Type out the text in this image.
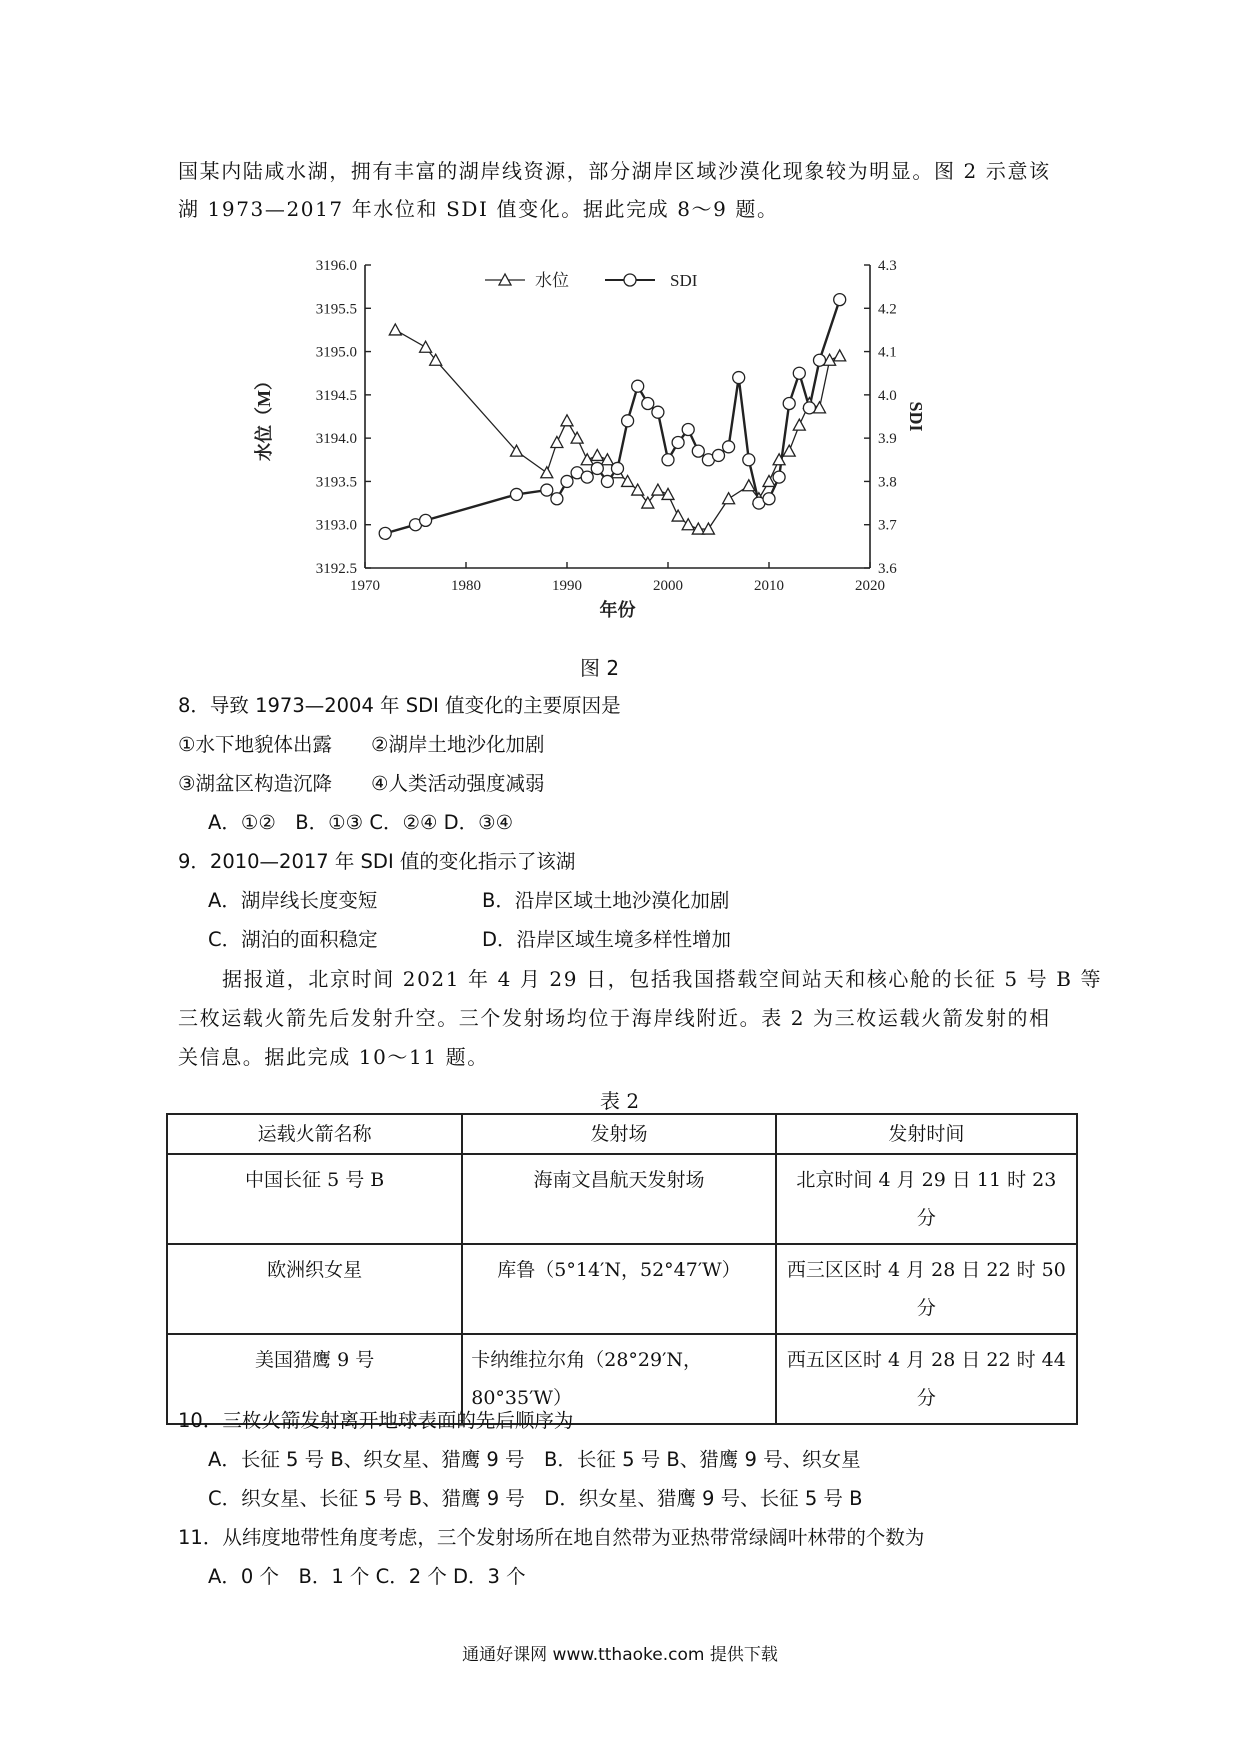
国某内陆咸水湖，拥有丰富的湖岸线资源，部分湖岸区域沙漠化现象较为明显。图 2 示意该
湖 1973—2017 年水位和 SDI 值变化。据此完成 8～9 题。
3196.0
3195.5
3195.0
3194.5
3194.0
3193.5
3193.0
3192.5
4.3
4.2
4.1
4.0
3.9
3.8
3.7
3.6
1970	1980	1990	2000	2010	2020
年份
水位（M）	SDI
水位	SDI
图 2
8．导致 1973—2004 年 SDI 值变化的主要原因是
①水下地貌体出露　　②湖岸土地沙化加剧
③湖盆区构造沉降　　④人类活动强度减弱
A．①②　B．①③ C．②④ D．③④
9．2010—2017 年 SDI 值的变化指示了该湖
A．湖岸线长度变短	B．沿岸区域土地沙漠化加剧
C．湖泊的面积稳定	D．沿岸区域生境多样性增加
据报道，北京时间 2021 年 4 月 29 日，包括我国搭载空间站天和核心舱的长征 5 号 B 等
三枚运载火箭先后发射升空。三个发射场均位于海岸线附近。表 2 为三枚运载火箭发射的相
关信息。据此完成 10～11 题。
表 2
运载火箭名称	发射场	发射时间
中国长征 5 号 B	海南文昌航天发射场	北京时间 4 月 29 日 11 时 23 分
欧洲织女星	库鲁（5°14′N，52°47′W）	西三区区时 4 月 28 日 22 时 50 分
美国猎鹰 9 号	卡纳维拉尔角（28°29′N，80°35′W）	西五区区时 4 月 28 日 22 时 44 分
10．三枚火箭发射离开地球表面的先后顺序为
A．长征 5 号 B、织女星、猎鹰 9 号　B．长征 5 号 B、猎鹰 9 号、织女星
C．织女星、长征 5 号 B、猎鹰 9 号　D．织女星、猎鹰 9 号、长征 5 号 B
11．从纬度地带性角度考虑，三个发射场所在地自然带为亚热带常绿阔叶林带的个数为
A．0 个　B．1 个 C．2 个 D．3 个
通通好课网 www.tthaoke.com 提供下载
